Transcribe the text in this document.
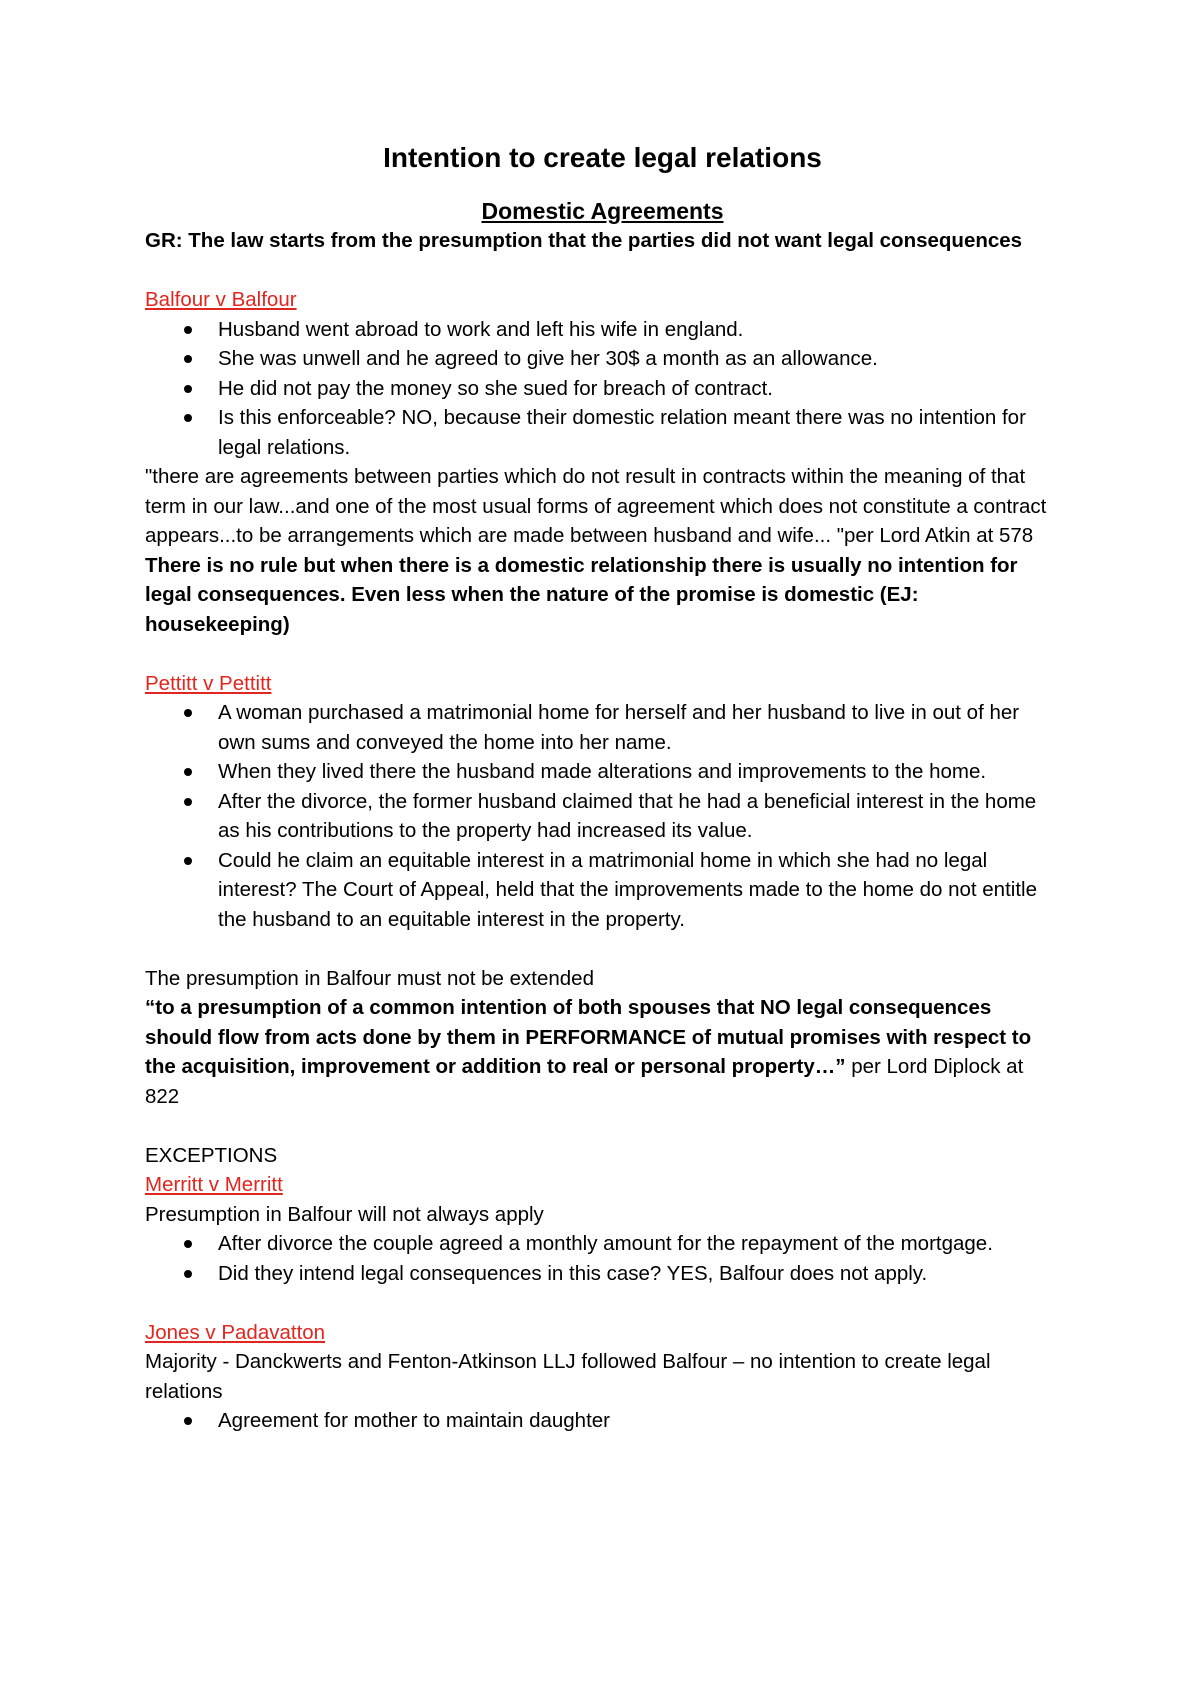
Intention to create legal relations
Domestic Agreements

GR: The law starts from the presumption that the parties did not want legal consequences

Balfour v Balfour

Husband went abroad to work and left his wife in england.
She was unwell and he agreed to give her 30$ a month as an allowance.
He did not pay the money so she sued for breach of contract.
Is this enforceable? NO, because their domestic relation meant there was no intention for legal relations.

"there are agreements between parties which do not result in contracts within the meaning of that term in our law...and one of the most usual forms of agreement which does not constitute a contract appears...to be arrangements which are made between husband and wife... "per Lord Atkin at 578

There is no rule but when there is a domestic relationship there is usually no intention for legal consequences. Even less when the nature of the promise is domestic (EJ: housekeeping)

Pettitt v Pettitt

A woman purchased a matrimonial home for herself and her husband to live in out of her own sums and conveyed the home into her name.
When they lived there the husband made alterations and improvements to the home.
After the divorce, the former husband claimed that he had a beneficial interest in the home as his contributions to the property had increased its value.
Could he claim an equitable interest in a matrimonial home in which she had no legal interest? The Court of Appeal, held that the improvements made to the home do not entitle the husband to an equitable interest in the property.

The presumption in Balfour must not be extended

“to a presumption of a common intention of both spouses that NO legal consequences should flow from acts done by them in PERFORMANCE of mutual promises with respect to the acquisition, improvement or addition to real or personal property…” per Lord Diplock at 822

EXCEPTIONS

Merritt v Merritt

Presumption in Balfour will not always apply

After divorce the couple agreed a monthly amount for the repayment of the mortgage.
Did they intend legal consequences in this case? YES, Balfour does not apply.

Jones v Padavatton

Majority - Danckwerts and Fenton-Atkinson LLJ followed Balfour – no intention to create legal relations

Agreement for mother to maintain daughter
